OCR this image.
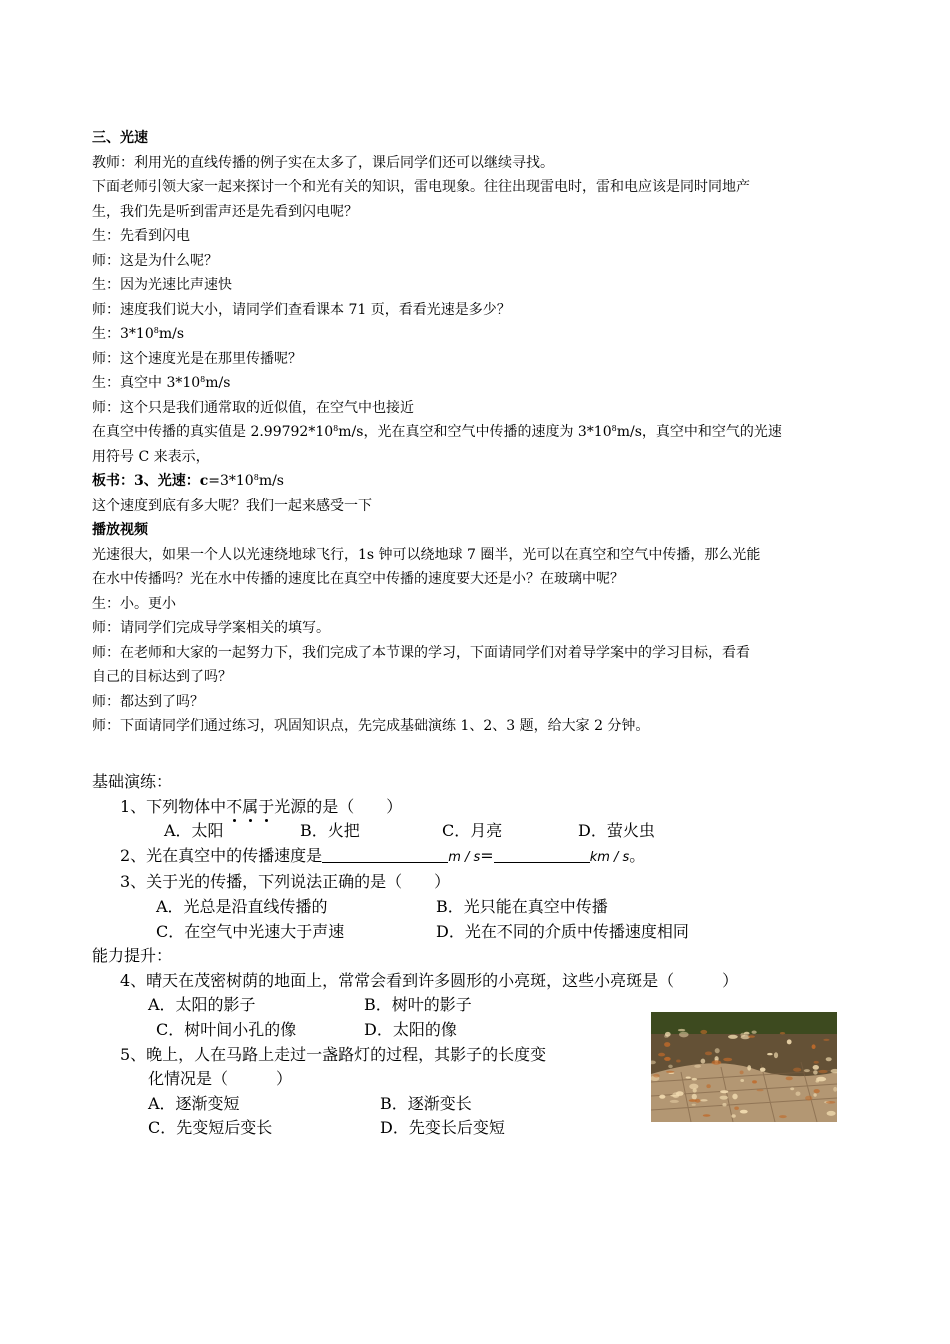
三、光速
教师：利用光的直线传播的例子实在太多了，课后同学们还可以继续寻找。
下面老师引领大家一起来探讨一个和光有关的知识，雷电现象。往往出现雷电时，雷和电应该是同时同地产
生，我们先是听到雷声还是先看到闪电呢？
生：先看到闪电
师：这是为什么呢？
生：因为光速比声速快
师：速度我们说大小，请同学们查看课本 71 页，看看光速是多少？
生：$3*10^8m/s$
师：这个速度光是在那里传播呢？
生：真空中 $3*10^8m/s$
师：这个只是我们通常取的近似值，在空气中也接近
在真空中传播的真实值是 $2.99792*10^8m/s$，光在真空和空气中传播的速度为 $3*10^8m/s$，真空中和空气的光速
用符号 C 来表示，
板书：3、光速：$c=3*10^8m/s$
这个速度到底有多大呢？我们一起来感受一下
播放视频
光速很大，如果一个人以光速绕地球飞行，1s 钟可以绕地球 7 圈半，光可以在真空和空气中传播，那么光能
在水中传播吗？光在水中传播的速度比在真空中传播的速度要大还是小？在玻璃中呢？
生：小。更小
师：请同学们完成导学案相关的填写。
师：在老师和大家的一起努力下，我们完成了本节课的学习，下面请同学们对着导学案中的学习目标，看看
自己的目标达到了吗？
师：都达到了吗？
师：下面请同学们通过练习，巩固知识点，先完成基础演练 1、2、3 题，给大家 2 分钟。
基础演练：
1、下列物体中不属于光源的是（　　）
A．太阳	B．火把	C．月亮	D．萤火虫
2、光在真空中的传播速度是	m / s=	km / s。
3、关于光的传播，下列说法正确的是（　　）
A．光总是沿直线传播的	B．光只能在真空中传播
C．在空气中光速大于声速	D．光在不同的介质中传播速度相同
能力提升：
4、晴天在茂密树荫的地面上，常常会看到许多圆形的小亮斑，这些小亮斑是（　　　）
A．太阳的影子	B．树叶的影子
C．树叶间小孔的像	D．太阳的像
5、晚上，人在马路上走过一盏路灯的过程，其影子的长度变
化情况是（　　　）
A．逐渐变短	B．逐渐变长
C．先变短后变长	D．先变长后变短
